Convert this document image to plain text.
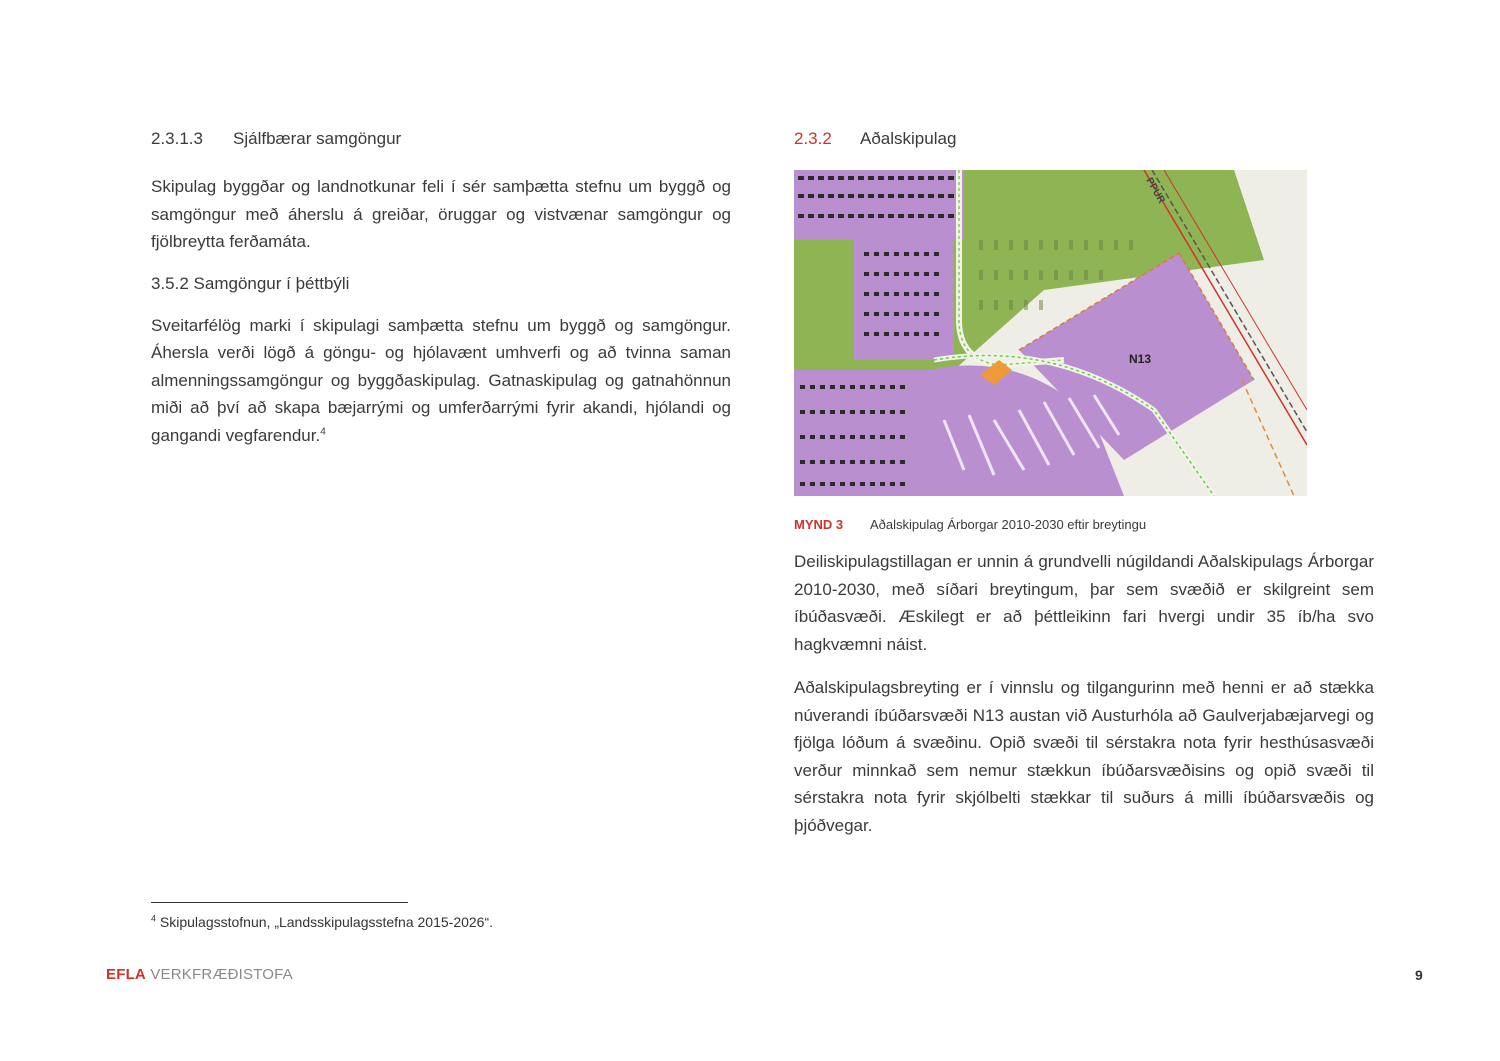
2.3.1.3 Sjálfbærar samgöngur

Skipulag byggðar og landnotkunar feli í sér samþætta stefnu um byggð og samgöngur með áherslu á greiðar, öruggar og vistvænar samgöngur og fjölbreytta ferðamáta.

3.5.2 Samgöngur í þéttbýli

Sveitarfélög marki í skipulagi samþætta stefnu um byggð og samgöngur. Áhersla verði lögð á göngu- og hjólavænt umhverfi og að tvinna saman almenningssamgöngur og byggðaskipulag. Gatnaskipulag og gatnahönnun miði að því að skapa bæjarrými og umferðarrými fyrir akandi, hjólandi og gangandi vegfarendur.$^4$

2.3.2 Aðalskipulag
N13
PPUR
MYND 3 Aðalskipulag Árborgar 2010-2030 eftir breytingu

Deiliskipulagstillagan er unnin á grundvelli núgildandi Aðalskipulags Árborgar 2010-2030, með síðari breytingum, þar sem svæðið er skilgreint sem íbúðasvæði. Æskilegt er að þéttleikinn fari hvergi undir 35 íb/ha svo hagkvæmni náist.

Aðalskipulagsbreyting er í vinnslu og tilgangurinn með henni er að stækka núverandi íbúðarsvæði N13 austan við Austurhóla að Gaulverjabæjarvegi og fjölga lóðum á svæðinu. Opið svæði til sérstakra nota fyrir hesthúsasvæði verður minnkað sem nemur stækkun íbúðarsvæðisins og opið svæði til sérstakra nota fyrir skjólbelti stækkar til suðurs á milli íbúðarsvæðis og þjóðvegar.

$^4$ Skipulagsstofnun, „Landsskipulagsstefna 2015-2026“.
EFLA VERKFRÆÐISTOFA	9
